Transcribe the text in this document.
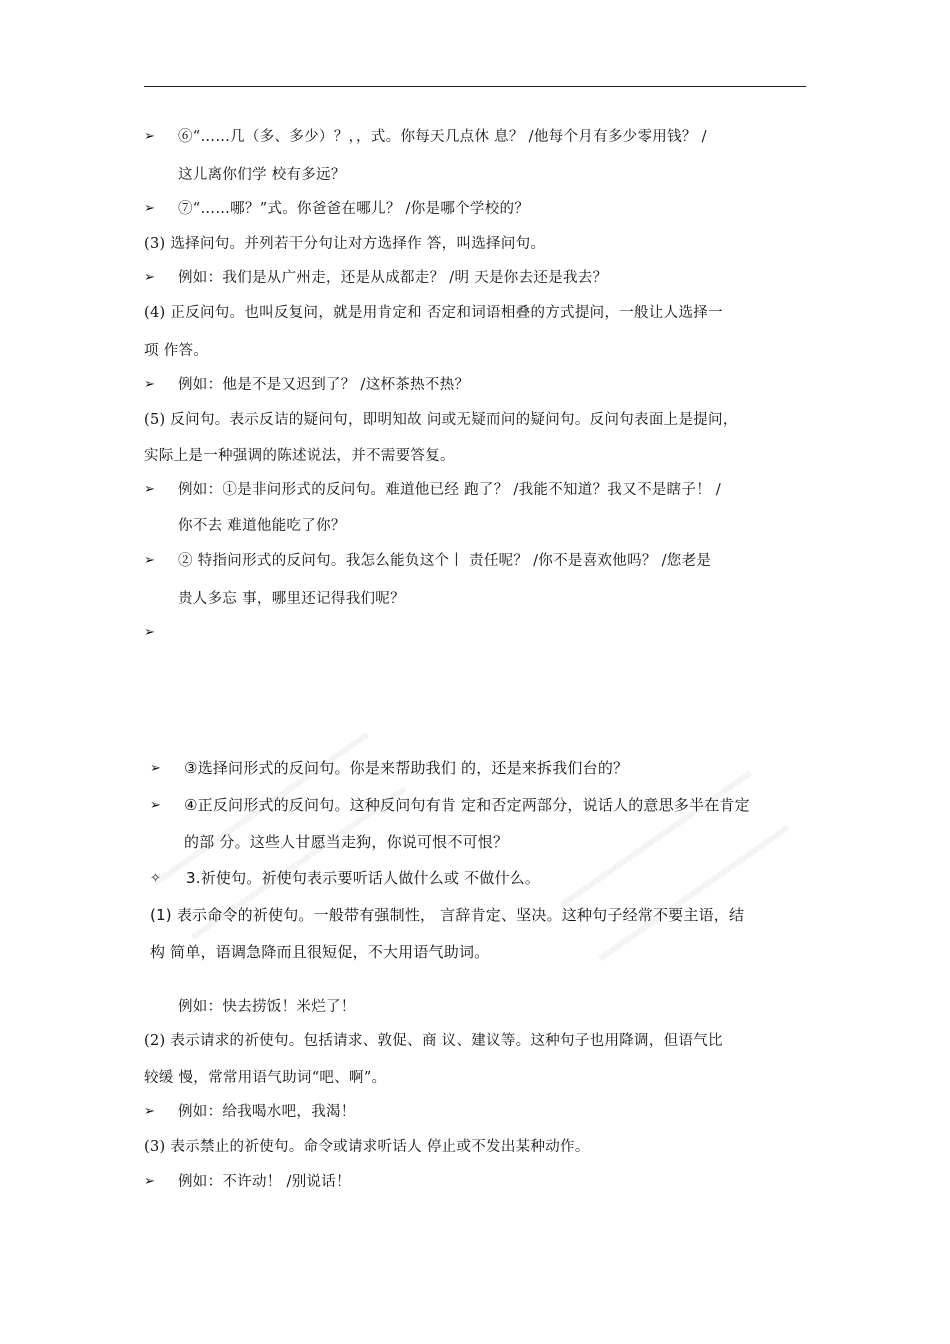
➢ ⑥“……几（多、多少）？，，式。你每天几点休 息？ /他每个月有多少零用钱？ /
这儿离你们学 校有多远？
➢ ⑦“……哪？”式。你爸爸在哪儿？ /你是哪个学校的？
(3) 选择问句。并列若干分句让对方选择作 答，叫选择问句。
➢ 例如：我们是从广州走，还是从成都走？ /明 天是你去还是我去？
(4) 正反问句。也叫反复问，就是用肯定和 否定和词语相叠的方式提问，一般让人选择一
项 作答。
➢ 例如：他是不是又迟到了？ /这杯茶热不热？
(5) 反问句。表示反诘的疑问句，即明知故 问或无疑而问的疑问句。反问句表面上是提问，
实际上是一种强调的陈述说法，并不需要答复。
➢ 例如：①是非问形式的反问句。难道他已经 跑了？ /我能不知道？我又不是瞎子！ /
你不去 难道他能吃了你？
➢ ② 特指问形式的反问句。我怎么能负这个丨 责任呢？ /你不是喜欢他吗？ /您老是
贵人多忘 事，哪里还记得我们呢？
➢
➢ ③选择问形式的反问句。你是来帮助我们 的，还是来拆我们台的？
➢ ④正反问形式的反问句。这种反问句有肯 定和否定两部分，说话人的意思多半在肯定
的部 分。这些人甘愿当走狗，你说可恨不可恨？
✧ 3.祈使句。祈使句表示要听话人做什么或 不做什么。
(1) 表示命令的祈使句。一般带有强制性， 言辞肯定、坚决。这种句子经常不要主语，结
构 简单，语调急降而且很短促，不大用语气助词。
例如：快去捞饭！米烂了！
(2) 表示请求的祈使句。包括请求、敦促、商 议、建议等。这种句子也用降调，但语气比
较缓 慢，常常用语气助词“吧、啊”。
➢ 例如：给我喝水吧，我渴！
(3) 表示禁止的祈使句。命令或请求听话人 停止或不发出某种动作。
➢ 例如：不许动！ /别说话！
